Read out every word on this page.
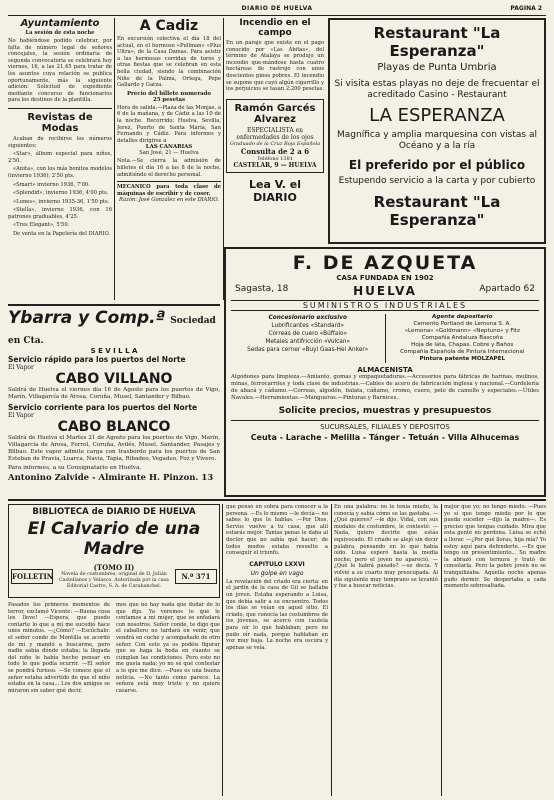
DIARIO DE HUELVA	PAGINA 2
Ayuntamiento
La sesión de esta noche
No habiéndose podido celebrar, por falta de número legal de señores concejales, la sesión ordinaria de segunda convocatoria se celebrará hoy viernes, 16, a las 21.45 para tratar de los asuntos cuya relación se publica oportunamente, más la siguiente adición: Solicitud de expediente mediante concurso de funcionarios para los destinos de la plantilla.
Revistas de Modas

Acaban de recibirse los números siguientes:

«Star», álbum especial para niños, 2'50.

«Anita», con los más bonitos modelos (invierno 1936), 2'50 pts.

«Smart» invierno 1936, 7'00.

«Splendid», invierno 1936, 4'00 pts.

«Lunes», invierno 1935-36, 1'50 pts.

«Stella», invierno 1936, con 16 patrones graduables, 4'25.

«Tres Elegant», 5'50.

De venta en la Papelería del DIARIO.

A Cadiz
En excursión colectiva el día 18 del actual, en el hermoso «Pullman» «Plus Ultra», de la Casa Damas. Para asistir a las hermosas corridas de toros y otras fiestas que se celebran en esta bella ciudad, siendo la combinación Niño de la Palma, Ortega, Pepe Gallardo y Garza.
Precio del billete numerado
25 pesetas
Hora de salida.—Plaza de las Monjas, a 6 de la mañana, y de Cádiz a las 10 de la noche. Recorrido: Huelva, Sevilla, Jerez, Puerto de Santa María, San Fernando y Cádiz. Para informes y detalles dirigirse a
LAS CANARIAS
San José, 21 — Huelva
Nota.—Se cierra la admisión de billetes el día 16 a las 8 de la noche, admitiéndo el derecho personal.
MECANICO para toda clase de máquinas de escribir y de coser.
Razón: José González en este DIARIO.
Incendio en el campo
En un paraje que existe en el pago conocido por «Las Abitas», del término de Atalaya se produjo un incendio que-mándose hasta cuatro hectáreas de rastrojo con unos doscientos pinos pobres. El incendio se supone que cayó algún cigarrillo y los perjuicios se tasan 2.200 pesetas.
Ramón Garcés Alvarez
ESPECIALISTA en enfermedades de los ojos
Graduado de la Cruz Roja Española
Consulta de 2 a 6
Teléfono 1381
CASTELAR, 9 — HUELVA
Lea V. el DIARIO
Restaurant "La Esperanza"
Playas de Punta Umbria
Si visita estas playas no deje de frecuentar el acreditado Casino - Restaurant
LA ESPERANZA
Magnífica y amplia marquesina con vistas al Océano y a la ría
El preferido por el público
Estupendo servicio a la carta y por cubierto
Restaurant "La Esperanza"
F. DE AZQUETA
CASA FUNDADA EN 1902
Sagasta, 18	HUELVA	Apartado 62
SUMINISTROS INDUSTRIALES
Concesionario exclusivo
Lubrificantes «Standard»
Correas de cuero «Búffalo»
Metales antifricción «Vulcan»
Sedas para cerner «Buyl Gaas-Hei Anker»
Agente depositario
Cemento Portland de Lemona S. A.
«Lemona» «Goldmann» «Neptuno» y Fitz
Compañía Andaluza Bascoña
Hoja de lata, Chapas, Cobre y Baños
Compañía Española de Pintura Internacional
Pintura patente MOLZAPEL
ALMACENISTA
Algodones para limpieza.—Amianto, gomas y empaquetaduras.—Accesorios para fábricas de harinas, molinos, minas, ferrocarriles y toda clase de industrias.—Cables de acero de fabricación inglesa y nacional.—Cordelería de abacá y cáñamo.—Correas, algodón, balata, cáñamo, cromo, cuero, pelo de camello y especiales.—Útiles Navales.—Herramientas.—Mangueras.—Pinturas y Barnices.
Solicite precios, muestras y presupuestos
SUCURSALES, FILIALES Y DEPOSITOS
Ceuta - Larache - Melilla - Tánger - Tetuán - Villa Alhucemas
Ybarra y Comp.ª Sociedad en Cta.
S E V I L L A
Servicio rápido para los puertos del Norte
El Vapor
CABO VILLANO
Saldrá de Huelva el viernes día 16 de Agosto para los puertos de Vigo, Marín, Villagarcía de Arosa, Coruña, Musel, Santander y Bilbao.
Servicio corriente para los puertos del Norte
El Vapor
CABO BLANCO
Saldrá de Huelva el Martes 21 de Agosto para los puertos de Vigo, Marín, Villagarcía de Arosa, Ferrol, Coruña, Avilés, Musel, Santander, Pasajes y Bilbao. Este vapor admite carga con trasbordo para los puertos de San Esteban de Pravia, Luarca, Navia, Tapia, Ribadeo, Vegadeo, Foz y Vivero.
Para informes, a su Consignatario en Huelva,
Antonino Zalvide - Almirante H. Pinzon. 13
BIBLIOTECA de DIARIO DE HUELVA
El Calvario de una Madre
FOLLETIN
(TOMO II)
Novela de costumbres, original de D. Julián Castellanos y Velasco. Autorizada por la casa Editorial Castro, S. A. de Carabanchel.
N.º 371
Pasados los primeros momentos de terror, exclamó Vicente: —Buena cosa los lleve! —Espera, que puedo contarte lo que a mí me sucedió hace unos minutos. —¿Cómo? —Escúchalo: el señor conde de Montilla se acordó de mí y mandó a buscarme, pero nadie sabía dónde estaba; la llegada del niño le había hecho pensar en todo lo que podía ocurrir. —El señor se pondrá furioso. —Se conoce que el señor estaba advertido de que el niño estaba en la casa... Los dos amigos se miraron sin saber qué decir.
mos que no hay nada que dudar de lo que dijo. Ya veremos lo que le contamos a mi mujer, que se enfadará con nosotros. Señor conde, te digo que el caballero no tardará en venir, que vendrá en coche y acompañado de otro señor. Con esto ya os podéis figurar que se haga la boda en cuanto se cumplan las condiciones. Pero esto no me gusta nada; yo no sé qué contestar a lo que me dice. —Pues es una buena noticia. —No tanto como parece. La señora está muy triste y no quiere casarse.
que pensó en sobra para conocer a la persona. —Es lo mismo —le decía— no sabes lo que te hablas. —Por Dios, Servio: vuelve a tu casa, que allí estarás mejor. Tantas penas le daba al doctor que no sabía qué hacer; de todos modos estaba resuelto a conseguir el triunfo.
CAPITULO LXXVI
Un golpe en vago
La revelación del criado era cierta: en el jardín de la casa de Gil se hallaba un joven. Estaba esperando a Luisa, que debía salir a su encuentro. Todos los días se veían en aquel sitio. El criado, que conocía las costumbres de los jóvenes, se acercó con cautela para oír lo que hablaban; pero no pudo oír nada, porque hablaban en voz muy baja. La noche era oscura y apenas se veía.
En una palabra: no le tenía miedo, la conocía y sabía cómo se las gastaba. —¿Qué quieres? —le dijo. Vidal, con sus modales de costumbre, le contestó: —Nada, quiero decirte que estás equivocado. El criado se alejó sin decir palabra, pensando en lo que había oído. Luisa esperó hasta la media noche; pero el joven no apareció. —¿Qué le habrá pasado? —se decía. Y volvió a su cuarto muy preocupada. Al día siguiente muy temprano se levantó y fue a buscar noticias.
mejor que yo; no tengo miedo. —Pues yo sí que tengo miedo por lo que pueda suceder —dijo la madre—. Es preciso que tengas cuidado. Mira que esta gente no perdona. Luisa se echó a llorar. —¿Por qué lloras, hija mía? Yo estoy aquí para defenderte. —Es que tengo un presentimiento... Su madre la abrazó con ternura y trató de consolarla. Pero la pobre joven no se tranquilizaba. Aquella noche apenas pudo dormir. Se despertaba a cada momento sobresaltada.
